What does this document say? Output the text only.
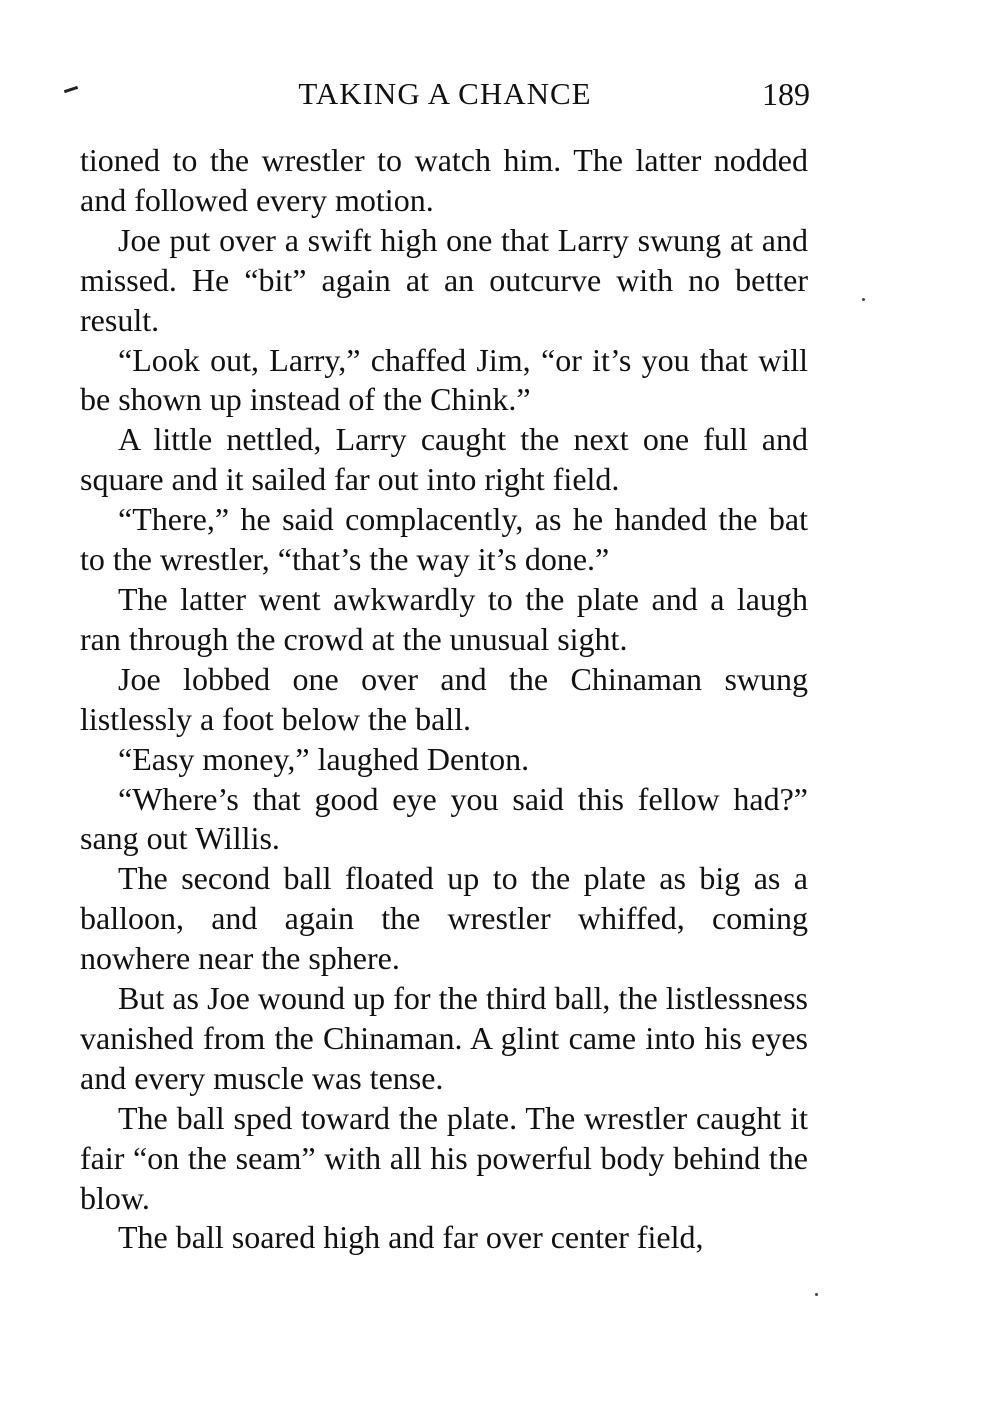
TAKING A CHANCE	189

tioned to the wrestler to watch him. The latter nodded and followed every motion.

Joe put over a swift high one that Larry swung at and missed. He “bit” again at an outcurve with no better result.

“Look out, Larry,” chaffed Jim, “or it’s you that will be shown up instead of the Chink.”

A little nettled, Larry caught the next one full and square and it sailed far out into right field.

“There,” he said complacently, as he handed the bat to the wrestler, “that’s the way it’s done.”

The latter went awkwardly to the plate and a laugh ran through the crowd at the unusual sight.

Joe lobbed one over and the Chinaman swung listlessly a foot below the ball.

“Easy money,” laughed Denton.

“Where’s that good eye you said this fellow had?” sang out Willis.

The second ball floated up to the plate as big as a balloon, and again the wrestler whiffed, coming nowhere near the sphere.

But as Joe wound up for the third ball, the listlessness vanished from the Chinaman. A glint came into his eyes and every muscle was tense.

The ball sped toward the plate. The wrestler caught it fair “on the seam” with all his powerful body behind the blow.

The ball soared high and far over center field,
